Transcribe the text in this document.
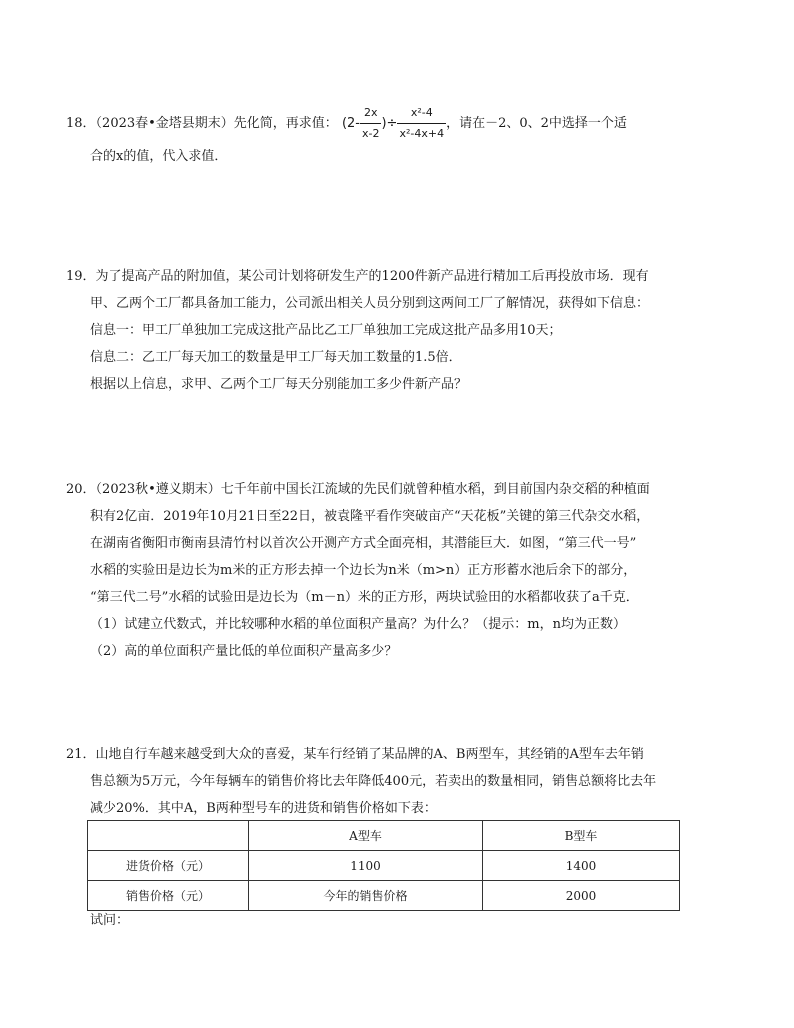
18．（2023春•金塔县期末）先化简，再求值： ($2- \frac{2x}{x-2}$ )÷ $\frac{\text{x²-4}}{\text{x²-4x+4}}$ ，请在－2、0、2中选择一个适
合的x的值，代入求值．
19．为了提高产品的附加值，某公司计划将研发生产的1200件新产品进行精加工后再投放市场．现有
甲、乙两个工厂都具备加工能力，公司派出相关人员分别到这两间工厂了解情况，获得如下信息：
信息一：甲工厂单独加工完成这批产品比乙工厂单独加工完成这批产品多用10天；
信息二：乙工厂每天加工的数量是甲工厂每天加工数量的1.5倍．
根据以上信息，求甲、乙两个工厂每天分别能加工多少件新产品？
20．（2023秋•遵义期末）七千年前中国长江流域的先民们就曾种植水稻，到目前国内杂交稻的种植面
积有2亿亩．2019年10月21日至22日，被袁隆平看作突破亩产“天花板”关键的第三代杂交水稻，
在湖南省衡阳市衡南县清竹村以首次公开测产方式全面亮相，其潜能巨大．如图，“第三代一号”
水稻的实验田是边长为m米的正方形去掉一个边长为n米（m>n）正方形蓄水池后余下的部分，
“第三代二号”水稻的试验田是边长为（m－n）米的正方形，两块试验田的水稻都收获了a千克．
（1）试建立代数式，并比较哪种水稻的单位面积产量高？为什么？（提示：m，n均为正数）
（2）高的单位面积产量比低的单位面积产量高多少？
21．山地自行车越来越受到大众的喜爱，某车行经销了某品牌的A、B两型车，其经销的A型车去年销
售总额为5万元，今年每辆车的销售价将比去年降低400元，若卖出的数量相同，销售总额将比去年
减少20%．其中A，B两种型号车的进货和销售价格如下表：
	A型车	B型车
进货价格（元）	1100	1400
销售价格（元）	今年的销售价格	2000
试问：
